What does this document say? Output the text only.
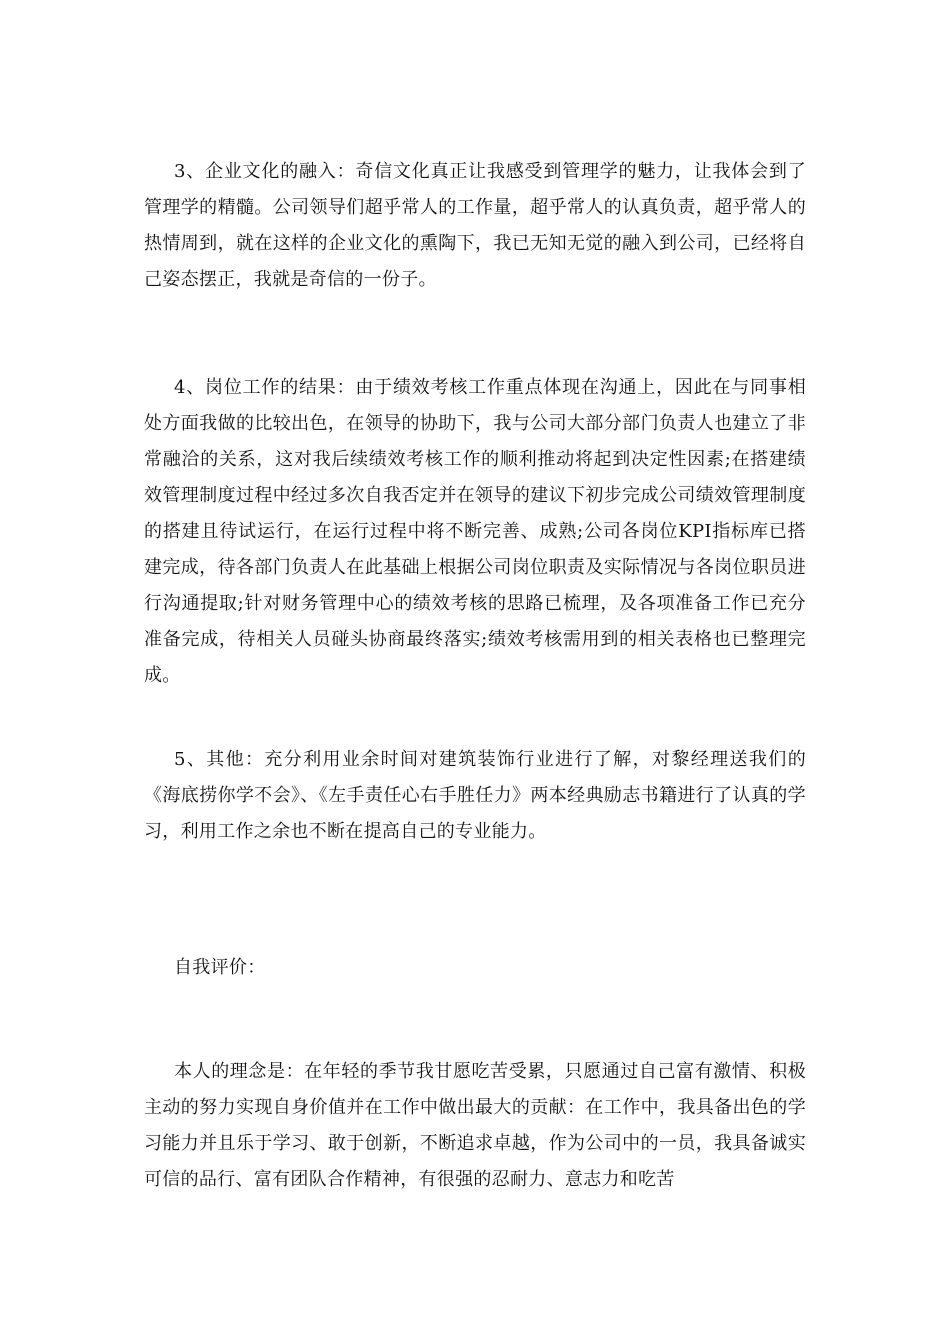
3、企业文化的融入：奇信文化真正让我感受到管理学的魅力，让我体会到了管理学的精髓。公司领导们超乎常人的工作量，超乎常人的认真负责，超乎常人的热情周到，就在这样的企业文化的熏陶下，我已无知无觉的融入到公司，已经将自己姿态摆正，我就是奇信的一份子。

4、岗位工作的结果：由于绩效考核工作重点体现在沟通上，因此在与同事相处方面我做的比较出色，在领导的协助下，我与公司大部分部门负责人也建立了非常融洽的关系，这对我后续绩效考核工作的顺利推动将起到决定性因素;在搭建绩效管理制度过程中经过多次自我否定并在领导的建议下初步完成公司绩效管理制度的搭建且待试运行，在运行过程中将不断完善、成熟;公司各岗位KPI指标库已搭建完成，待各部门负责人在此基础上根据公司岗位职责及实际情况与各岗位职员进行沟通提取;针对财务管理中心的绩效考核的思路已梳理，及各项准备工作已充分准备完成，待相关人员碰头协商最终落实;绩效考核需用到的相关表格也已整理完成。

5、其他：充分利用业余时间对建筑装饰行业进行了解，对黎经理送我们的《海底捞你学不会》、《左手责任心右手胜任力》两本经典励志书籍进行了认真的学习，利用工作之余也不断在提高自己的专业能力。

自我评价：

本人的理念是：在年轻的季节我甘愿吃苦受累，只愿通过自己富有激情、积极主动的努力实现自身价值并在工作中做出最大的贡献：在工作中，我具备出色的学习能力并且乐于学习、敢于创新，不断追求卓越，作为公司中的一员，我具备诚实可信的品行、富有团队合作精神，有很强的忍耐力、意志力和吃苦
